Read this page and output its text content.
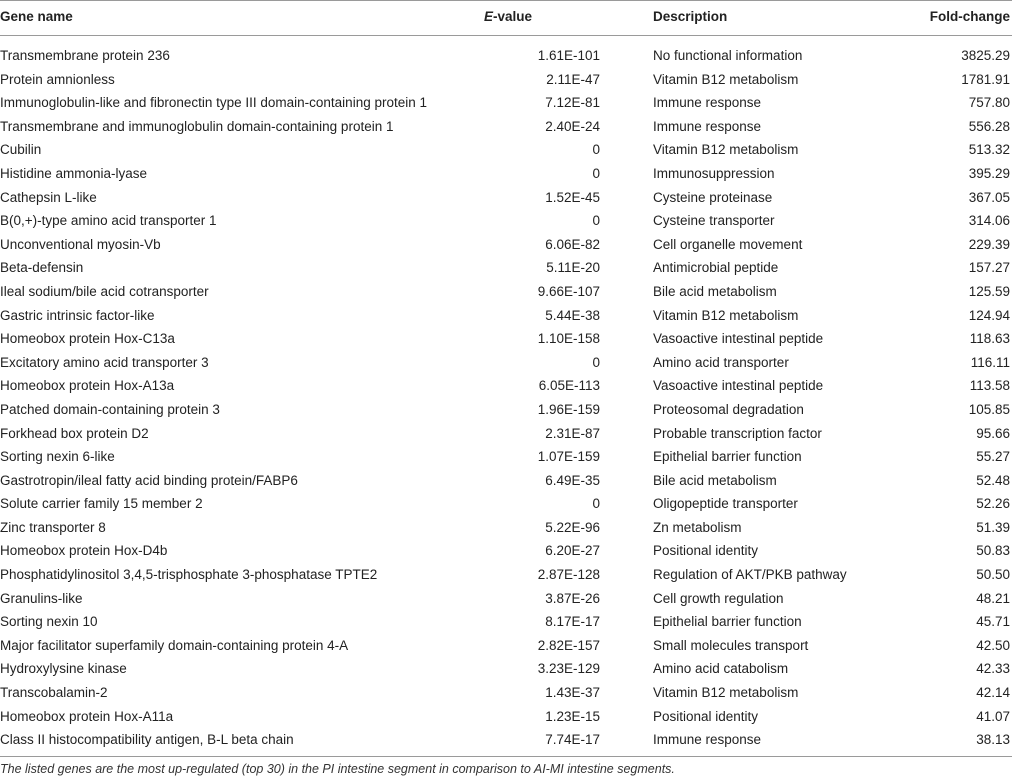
Gene name	E-value	Description	Fold-change
Transmembrane protein 236	1.61E-101	No functional information	3825.29
Protein amnionless	2.11E-47	Vitamin B12 metabolism	1781.91
Immunoglobulin-like and fibronectin type III domain-containing protein 1	7.12E-81	Immune response	757.80
Transmembrane and immunoglobulin domain-containing protein 1	2.40E-24	Immune response	556.28
Cubilin	0	Vitamin B12 metabolism	513.32
Histidine ammonia-lyase	0	Immunosuppression	395.29
Cathepsin L-like	1.52E-45	Cysteine proteinase	367.05
B(0,+)-type amino acid transporter 1	0	Cysteine transporter	314.06
Unconventional myosin-Vb	6.06E-82	Cell organelle movement	229.39
Beta-defensin	5.11E-20	Antimicrobial peptide	157.27
Ileal sodium/bile acid cotransporter	9.66E-107	Bile acid metabolism	125.59
Gastric intrinsic factor-like	5.44E-38	Vitamin B12 metabolism	124.94
Homeobox protein Hox-C13a	1.10E-158	Vasoactive intestinal peptide	118.63
Excitatory amino acid transporter 3	0	Amino acid transporter	116.11
Homeobox protein Hox-A13a	6.05E-113	Vasoactive intestinal peptide	113.58
Patched domain-containing protein 3	1.96E-159	Proteosomal degradation	105.85
Forkhead box protein D2	2.31E-87	Probable transcription factor	95.66
Sorting nexin 6-like	1.07E-159	Epithelial barrier function	55.27
Gastrotropin/ileal fatty acid binding protein/FABP6	6.49E-35	Bile acid metabolism	52.48
Solute carrier family 15 member 2	0	Oligopeptide transporter	52.26
Zinc transporter 8	5.22E-96	Zn metabolism	51.39
Homeobox protein Hox-D4b	6.20E-27	Positional identity	50.83
Phosphatidylinositol 3,4,5-trisphosphate 3-phosphatase TPTE2	2.87E-128	Regulation of AKT/PKB pathway	50.50
Granulins-like	3.87E-26	Cell growth regulation	48.21
Sorting nexin 10	8.17E-17	Epithelial barrier function	45.71
Major facilitator superfamily domain-containing protein 4-A	2.82E-157	Small molecules transport	42.50
Hydroxylysine kinase	3.23E-129	Amino acid catabolism	42.33
Transcobalamin-2	1.43E-37	Vitamin B12 metabolism	42.14
Homeobox protein Hox-A11a	1.23E-15	Positional identity	41.07
Class II histocompatibility antigen, B-L beta chain	7.74E-17	Immune response	38.13
The listed genes are the most up-regulated (top 30) in the PI intestine segment in comparison to AI-MI intestine segments.
